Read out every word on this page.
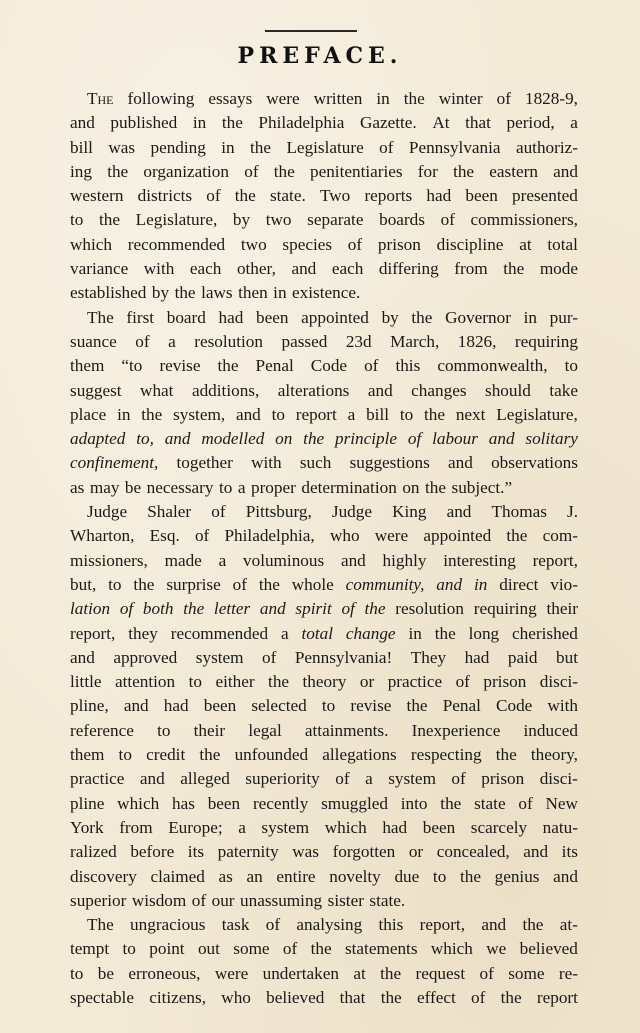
PREFACE.
The following essays were written in the winter of 1828-9,
and published in the Philadelphia Gazette. At that period, a
bill was pending in the Legislature of Pennsylvania authoriz-
ing the organization of the penitentiaries for the eastern and
western districts of the state. Two reports had been presented
to the Legislature, by two separate boards of commissioners,
which recommended two species of prison discipline at total
variance with each other, and each differing from the mode
established by the laws then in existence.
The first board had been appointed by the Governor in pur-
suance of a resolution passed 23d March, 1826, requiring
them “to revise the Penal Code of this commonwealth, to
suggest what additions, alterations and changes should take
place in the system, and to report a bill to the next Legislature,
adapted to, and modelled on the principle of labour and solitary
confinement, together with such suggestions and observations
as may be necessary to a proper determination on the subject.”
Judge Shaler of Pittsburg, Judge King and Thomas J.
Wharton, Esq. of Philadelphia, who were appointed the com-
missioners, made a voluminous and highly interesting report,
but, to the surprise of the whole community, and in direct vio-
lation of both the letter and spirit of the resolution requiring their
report, they recommended a total change in the long cherished
and approved system of Pennsylvania! They had paid but
little attention to either the theory or practice of prison disci-
pline, and had been selected to revise the Penal Code with
reference to their legal attainments. Inexperience induced
them to credit the unfounded allegations respecting the theory,
practice and alleged superiority of a system of prison disci-
pline which has been recently smuggled into the state of New
York from Europe; a system which had been scarcely natu-
ralized before its paternity was forgotten or concealed, and its
discovery claimed as an entire novelty due to the genius and
superior wisdom of our unassuming sister state.
The ungracious task of analysing this report, and the at-
tempt to point out some of the statements which we believed
to be erroneous, were undertaken at the request of some re-
spectable citizens, who believed that the effect of the report
